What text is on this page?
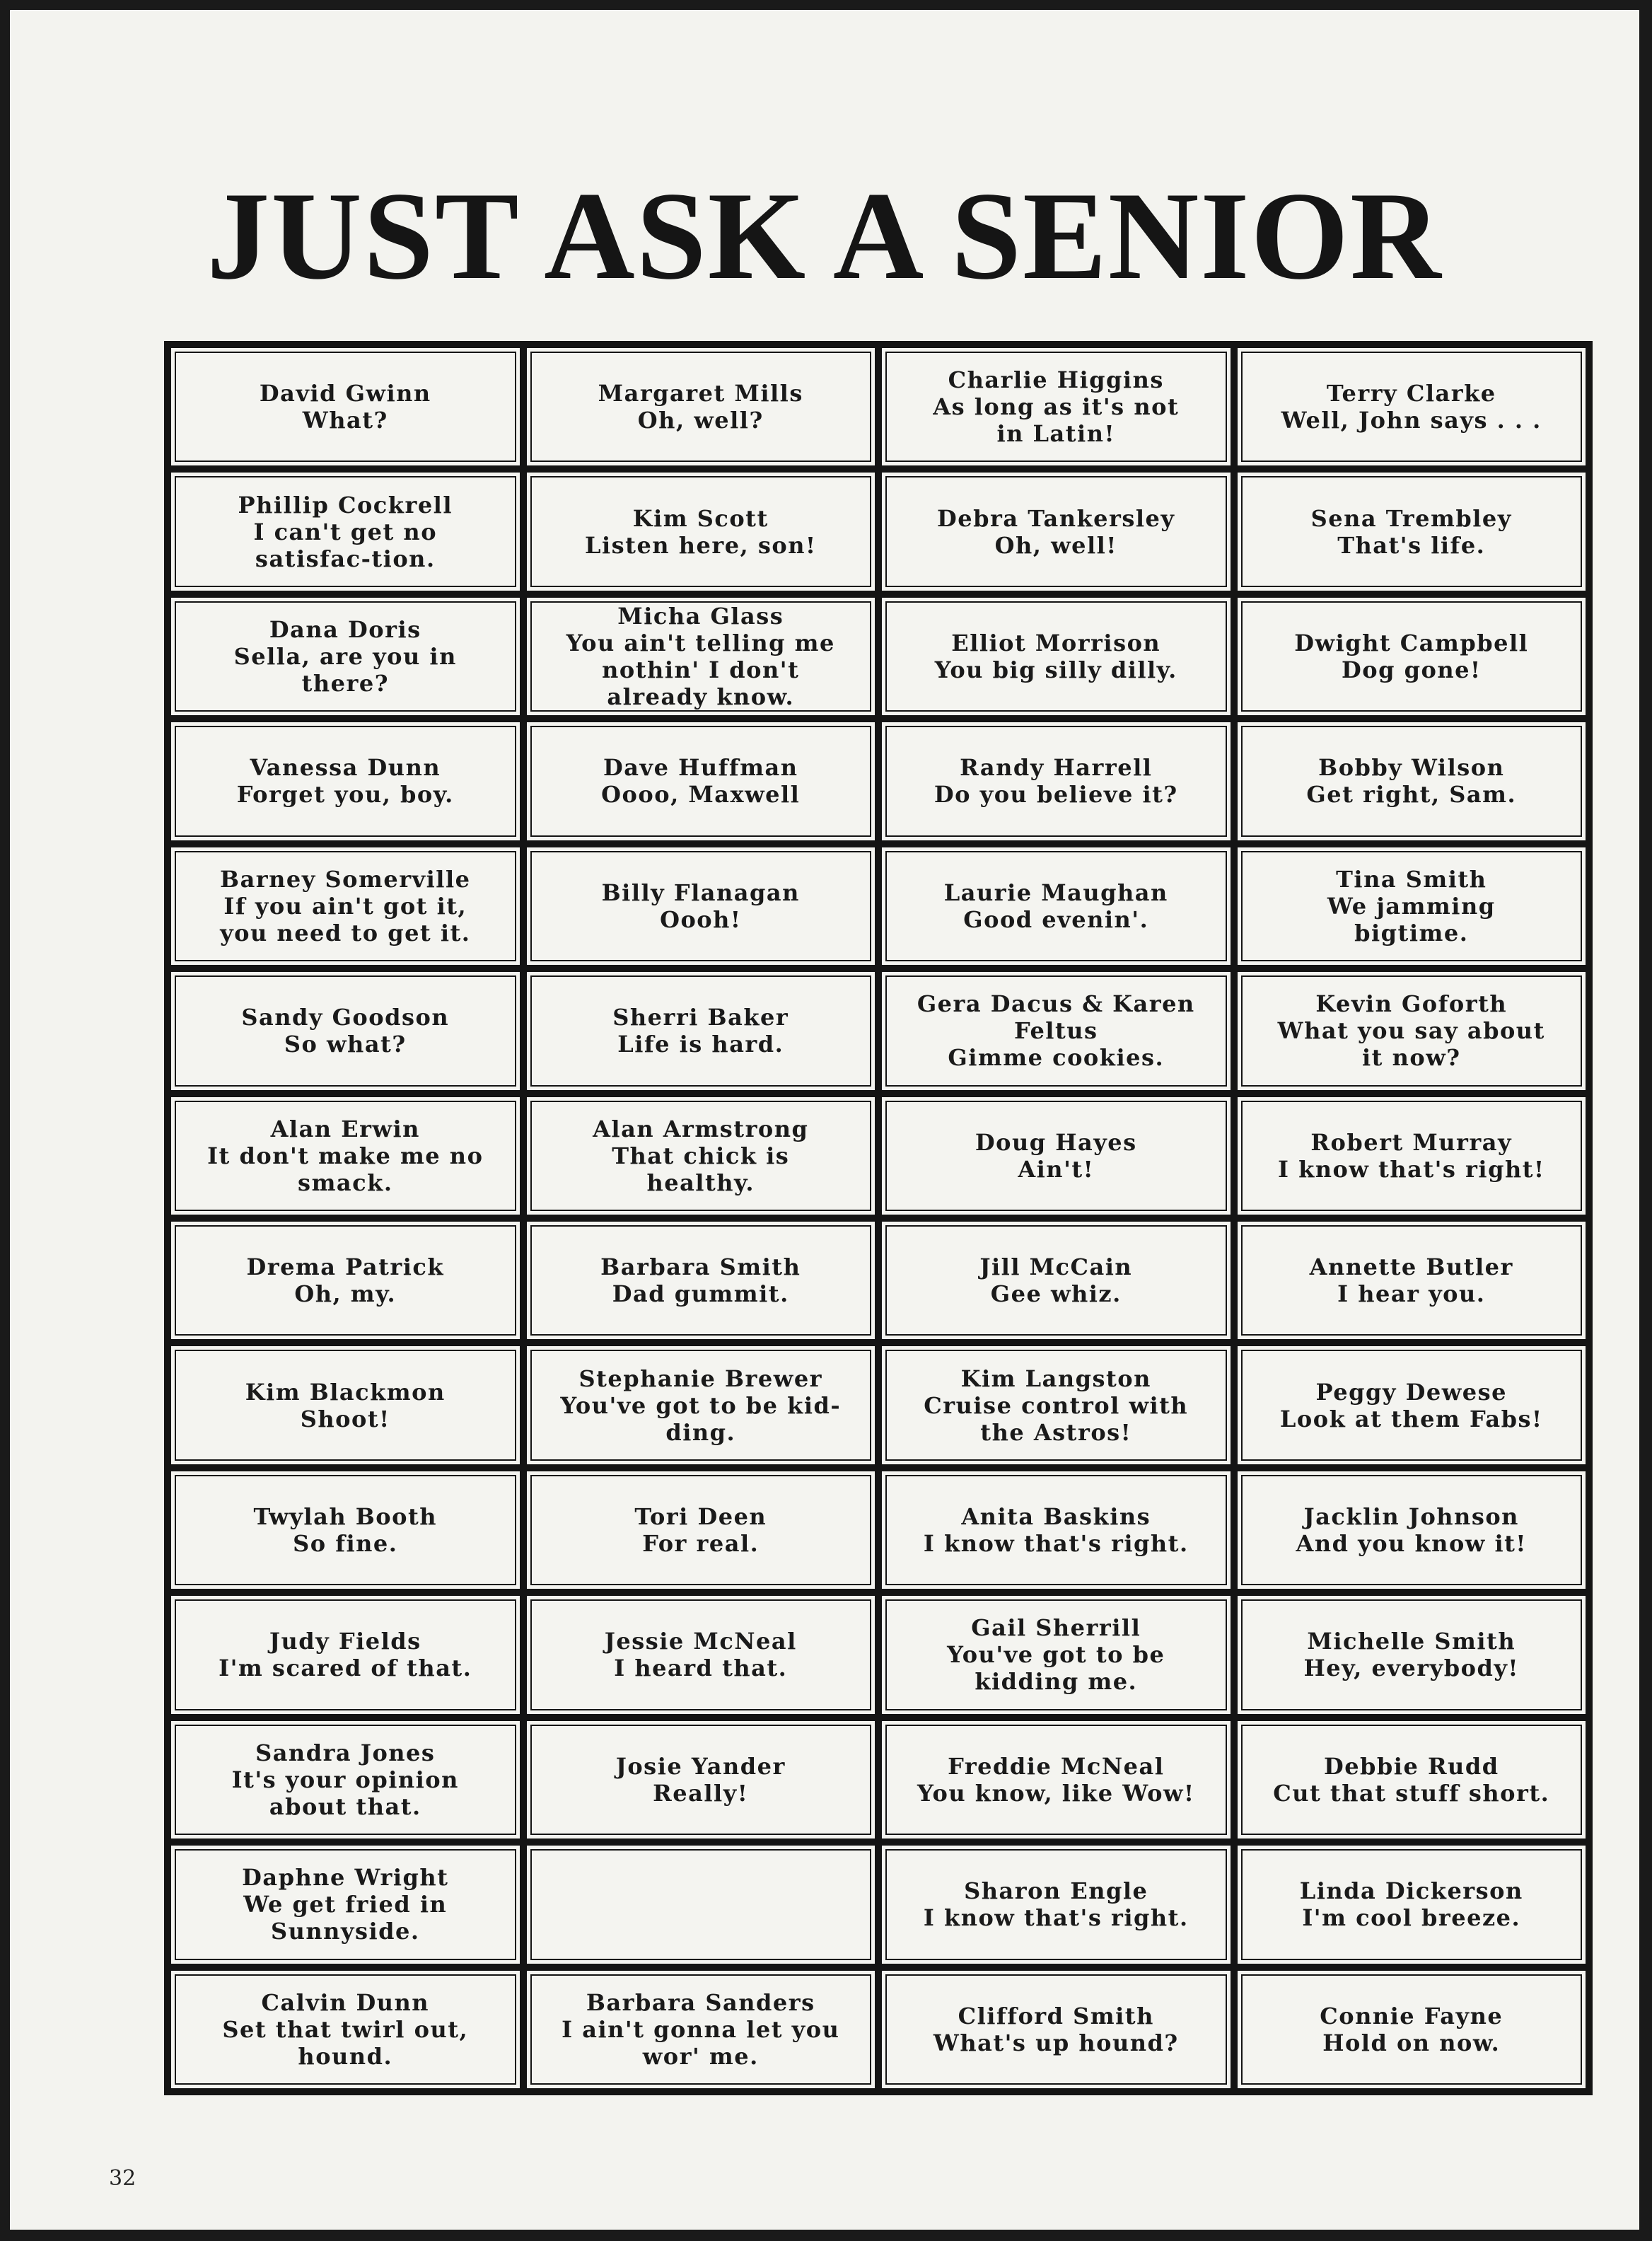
JUST ASK A SENIOR
David Gwinn
What?
Margaret Mills
Oh, well?
Charlie Higgins
As long as it's not in Latin!
Terry Clarke
Well, John says . . .
Phillip Cockrell
I can't get no satisfac-tion.
Kim Scott
Listen here, son!
Debra Tankersley
Oh, well!
Sena Trembley
That's life.
Dana Doris
Sella, are you in there?
Micha Glass
You ain't telling me nothin' I don't already know.
Elliot Morrison
You big silly dilly.
Dwight Campbell
Dog gone!
Vanessa Dunn
Forget you, boy.
Dave Huffman
Oooo, Maxwell
Randy Harrell
Do you believe it?
Bobby Wilson
Get right, Sam.
Barney Somerville
If you ain't got it, you need to get it.
Billy Flanagan
Oooh!
Laurie Maughan
Good evenin'.
Tina Smith
We jamming bigtime.
Sandy Goodson
So what?
Sherri Baker
Life is hard.
Gera Dacus & Karen Feltus
Gimme cookies.
Kevin Goforth
What you say about it now?
Alan Erwin
It don't make me no smack.
Alan Armstrong
That chick is healthy.
Doug Hayes
Ain't!
Robert Murray
I know that's right!
Drema Patrick
Oh, my.
Barbara Smith
Dad gummit.
Jill McCain
Gee whiz.
Annette Butler
I hear you.
Kim Blackmon
Shoot!
Stephanie Brewer
You've got to be kid-ding.
Kim Langston
Cruise control with the Astros!
Peggy Dewese
Look at them Fabs!
Twylah Booth
So fine.
Tori Deen
For real.
Anita Baskins
I know that's right.
Jacklin Johnson
And you know it!
Judy Fields
I'm scared of that.
Jessie McNeal
I heard that.
Gail Sherrill
You've got to be kidding me.
Michelle Smith
Hey, everybody!
Sandra Jones
It's your opinion about that.
Josie Yander
Really!
Freddie McNeal
You know, like Wow!
Debbie Rudd
Cut that stuff short.
Daphne Wright
We get fried in Sunnyside.
Sharon Engle
I know that's right.
Linda Dickerson
I'm cool breeze.
Calvin Dunn
Set that twirl out, hound.
Barbara Sanders
I ain't gonna let you wor' me.
Clifford Smith
What's up hound?
Connie Fayne
Hold on now.
32
